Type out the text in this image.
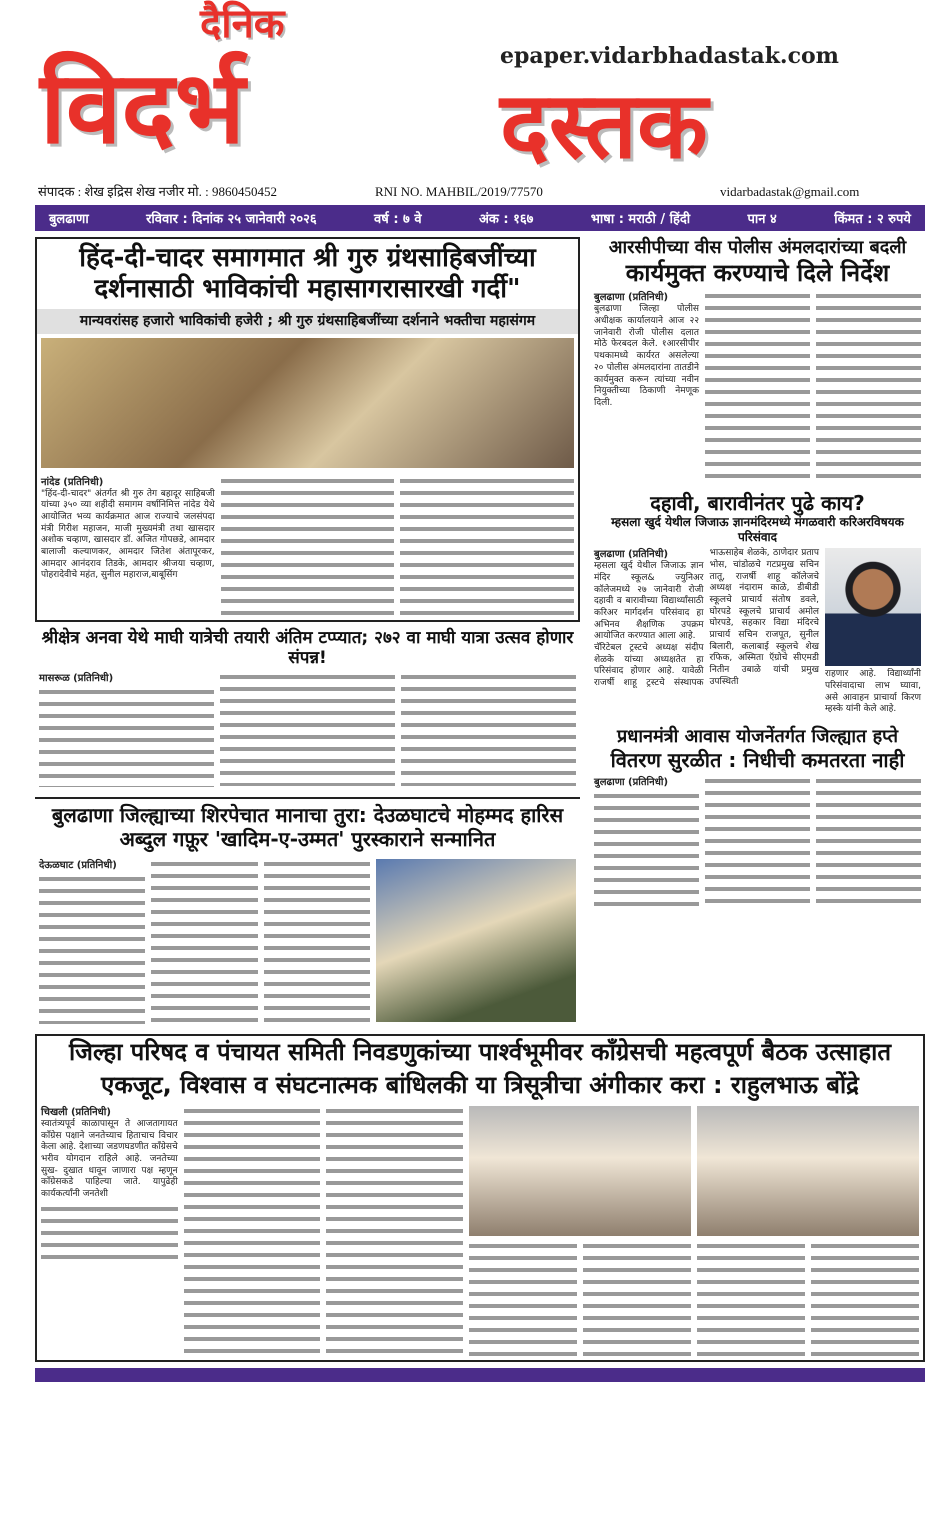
दैनिक
विदर्भ	epaper.vidarbhadastak.com
दस्तक
संपादक : शेख इद्रिस शेख नजीर मो. : 9860450452	RNI NO. MAHBIL/2019/77570	vidarbadastak@gmail.com
बुलढाणा	रविवार : दिनांक २५ जानेवारी २०२६	वर्ष : ७ वे	अंक : १६७	भाषा : मराठी / हिंदी	पान ४	किंमत : २ रुपये
हिंद-दी-चादर समागमात श्री गुरु ग्रंथसाहिबजींच्या दर्शनासाठी भाविकांची महासागरासारखी गर्दी"
मान्यवरांसह हजारो भाविकांची हजेरी ; श्री गुरु ग्रंथसाहिबजींच्या दर्शनाने भक्तीचा महासंगम
नांदेड (प्रतिनिधी)
"हिंद-दी-चादर" अंतर्गत श्री गुरु तेग बहादूर साहिबजी यांच्या ३५० व्या शहीदी समागम वर्षानिमित्त नांदेड येथे आयोजित भव्य कार्यक्रमात आज राज्याचे जलसंपदा मंत्री गिरीश महाजन, माजी मुख्यमंत्री तथा खासदार अशोक चव्हाण, खासदार डॉ. अजित गोपछडे, आमदार बालाजी कल्याणकर, आमदार जितेश अंतापूरकर, आमदार आनंदराव तिडके, आमदार श्रीजया चव्हाण, पोहरादेवीचे महंत, सुनील महाराज,बाबूसिंग
श्रीक्षेत्र अनवा येथे माघी यात्रेची तयारी अंतिम टप्प्यात; २७२ वा माघी यात्रा उत्सव होणार संपन्न!
मासरूळ (प्रतिनिधी)
बुलढाणा जिल्ह्याच्या शिरपेचात मानाचा तुरा: देउळघाटचे मोहम्मद हारिस अब्दुल गफ़ूर 'खादिम-ए-उम्मत' पुरस्काराने सन्मानित
देऊळघाट (प्रतिनिधी)
आरसीपीच्या वीस पोलीस अंमलदारांच्या बदली
कार्यमुक्त करण्याचे दिले निर्देश
बुलढाणा (प्रतिनिधी)
बुलढाणा जिल्हा पोलीस अधीक्षक कार्यालयाने आज २२ जानेवारी रोजी पोलीस दलात मोठे फेरबदल केले. १आरसीपीर पथकामध्ये कार्यरत असलेल्या २० पोलीस अंमलदारांना तातडीने कार्यमुक्त करून त्यांच्या नवीन नियुक्तीच्या ठिकाणी नेमणूक दिली.
दहावी, बारावीनंतर पुढे काय?
म्हसला खुर्द येथील जिजाऊ ज्ञानमंदिरमध्ये मंगळवारी करिअरविषयक परिसंवाद
बुलढाणा (प्रतिनिधी)
म्हसला खुर्द येथील जिजाऊ ज्ञान मंदिर स्कूल& ज्युनिअर कॉलेजमध्ये २७ जानेवारी रोजी दहावी व बारावीच्या विद्यार्थ्यांसाठी करिअर मार्गदर्शन परिसंवाद हा अभिनव शैक्षणिक उपक्रम आयोजित करण्यात आला आहे.
चॅरिटेबल ट्रस्टचे अध्यक्ष संदीप शेळके यांच्या अध्यक्षतेत हा परिसंवाद होणार आहे. यावेळी राजर्षी शाहू ट्रस्टचे संस्थापक भाऊसाहेब शेळके, ठाणेदार प्रताप भोस, चांडोळचे गटप्रमुख सचिन तातू, राजर्षी शाहू कॉलेजचे अध्यक्ष नंदाराम काळे, डीबीडी स्कूलचे प्राचार्य संतोष डवले, घोरपडे स्कूलचे प्राचार्य अमोल घोरपडे, सहकार विद्या मंदिरचे प्राचार्य सचिन राजपूत, सुनील बिलारी, कलाबाई स्कूलचे शेख रफिक, अस्मिता ऍग्रोचे सीएमडी नितीन उबाळे यांची प्रमुख उपस्थिती
राहणार आहे. विद्यार्थ्यांनी परिसंवादाचा लाभ घ्यावा, असे आवाहन प्राचार्या किरण म्हस्के यांनी केले आहे.
प्रधानमंत्री आवास योजनेंतर्गत जिल्ह्यात हप्ते
वितरण सुरळीत : निधीची कमतरता नाही
बुलढाणा (प्रतिनिधी)
जिल्हा परिषद व पंचायत समिती निवडणुकांच्या पार्श्वभूमीवर काँग्रेसची महत्वपूर्ण बैठक उत्साहात
एकजूट, विश्वास व संघटनात्मक बांधिलकी या त्रिसूत्रीचा अंगीकार करा : राहुलभाऊ बोंद्रे
चिखली (प्रतिनिधी)
स्वातंत्र्यपूर्व काळापासून ते आजतागायत काँग्रेस पक्षाने जनतेच्याच हिताचाच विचार केला आहे. देशाच्या जडणघडणीत काँग्रेसचे भरीव योगदान राहिले आहे. जनतेच्या सुख- दुखात धावून जाणारा पक्ष म्हणून काँग्रेसकडे पाहिल्या जाते. यापुढेही कार्यकर्त्यांनी जनतेशी
